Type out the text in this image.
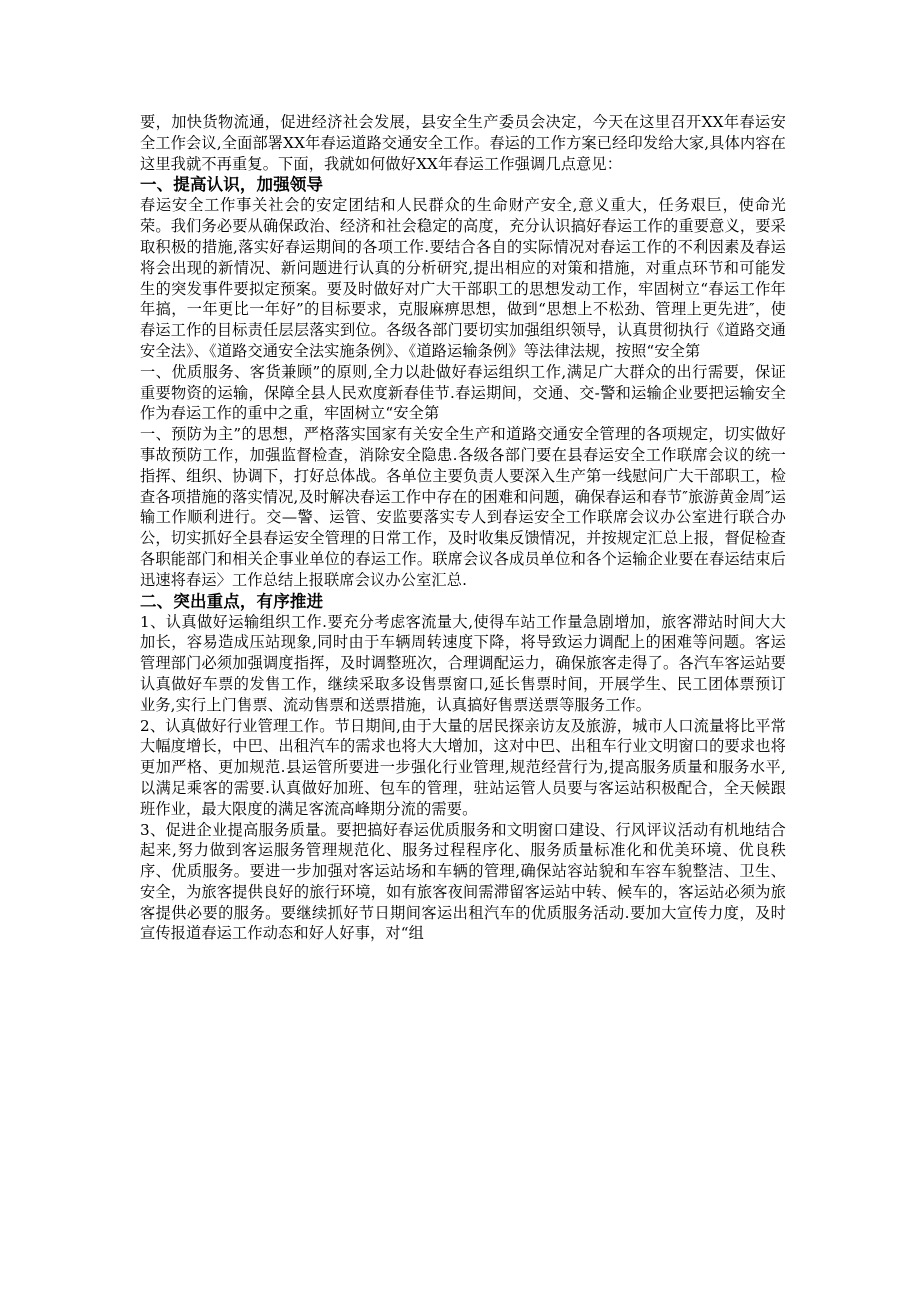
要，加快货物流通，促进经济社会发展，县安全生产委员会决定，今天在这里召开XX年春运安全工作会议,全面部署XX年春运道路交通安全工作。春运的工作方案已经印发给大家,具体内容在这里我就不再重复。下面，我就如何做好XX年春运工作强调几点意见：

一、提高认识，加强领导

春运安全工作事关社会的安定团结和人民群众的生命财产安全,意义重大，任务艰巨，使命光荣。我们务必要从确保政治、经济和社会稳定的高度，充分认识搞好春运工作的重要意义，要采取积极的措施,落实好春运期间的各项工作.要结合各自的实际情况对春运工作的不利因素及春运将会出现的新情况、新问题进行认真的分析研究,提出相应的对策和措施，对重点环节和可能发生的突发事件要拟定预案。要及时做好对广大干部职工的思想发动工作，牢固树立“春运工作年年搞，一年更比一年好”的目标要求，克服麻痹思想，做到“思想上不松劲、管理上更先进″，使春运工作的目标责任层层落实到位。各级各部门要切实加强组织领导，认真贯彻执行《道路交通安全法》、《道路交通安全法实施条例》、《道路运输条例》等法律法规，按照“安全第

一、优质服务、客货兼顾”的原则,全力以赴做好春运组织工作,满足广大群众的出行需要，保证重要物资的运输，保障全县人民欢度新春佳节.春运期间，交通、交-警和运输企业要把运输安全作为春运工作的重中之重，牢固树立“安全第

一、预防为主”的思想，严格落实国家有关安全生产和道路交通安全管理的各项规定，切实做好事故预防工作，加强监督检查，消除安全隐患.各级各部门要在县春运安全工作联席会议的统一指挥、组织、协调下，打好总体战。各单位主要负责人要深入生产第一线慰问广大干部职工，检查各项措施的落实情况,及时解决春运工作中存在的困难和问题，确保春运和春节″旅游黄金周″运输工作顺利进行。交—警、运管、安监要落实专人到春运安全工作联席会议办公室进行联合办公，切实抓好全县春运安全管理的日常工作，及时收集反馈情况，并按规定汇总上报，督促检查各职能部门和相关企事业单位的春运工作。联席会议各成员单位和各个运输企业要在春运结束后迅速将春运〉工作总结上报联席会议办公室汇总.

二、突出重点，有序推进

1、认真做好运输组织工作.要充分考虑客流量大,使得车站工作量急剧增加，旅客滞站时间大大加长，容易造成压站现象,同时由于车辆周转速度下降，将导致运力调配上的困难等问题。客运管理部门必须加强调度指挥，及时调整班次，合理调配运力，确保旅客走得了。各汽车客运站要认真做好车票的发售工作，继续采取多设售票窗口,延长售票时间，开展学生、民工团体票预订业务,实行上门售票、流动售票和送票措施，认真搞好售票送票等服务工作。

2、认真做好行业管理工作。节日期间,由于大量的居民探亲访友及旅游，城市人口流量将比平常大幅度增长，中巴、出租汽车的需求也将大大增加，这对中巴、出租车行业文明窗口的要求也将更加严格、更加规范.县运管所要进一步强化行业管理,规范经营行为,提高服务质量和服务水平,以满足乘客的需要.认真做好加班、包车的管理，驻站运管人员要与客运站积极配合，全天候跟班作业，最大限度的满足客流高峰期分流的需要。

3、促进企业提高服务质量。要把搞好春运优质服务和文明窗口建设、行风评议活动有机地结合起来,努力做到客运服务管理规范化、服务过程程序化、服务质量标准化和优美环境、优良秩序、优质服务。要进一步加强对客运站场和车辆的管理,确保站容站貌和车容车貌整洁、卫生、安全，为旅客提供良好的旅行环境，如有旅客夜间需滞留客运站中转、候车的，客运站必须为旅客提供必要的服务。要继续抓好节日期间客运出租汽车的优质服务活动.要加大宣传力度，及时宣传报道春运工作动态和好人好事，对“组
